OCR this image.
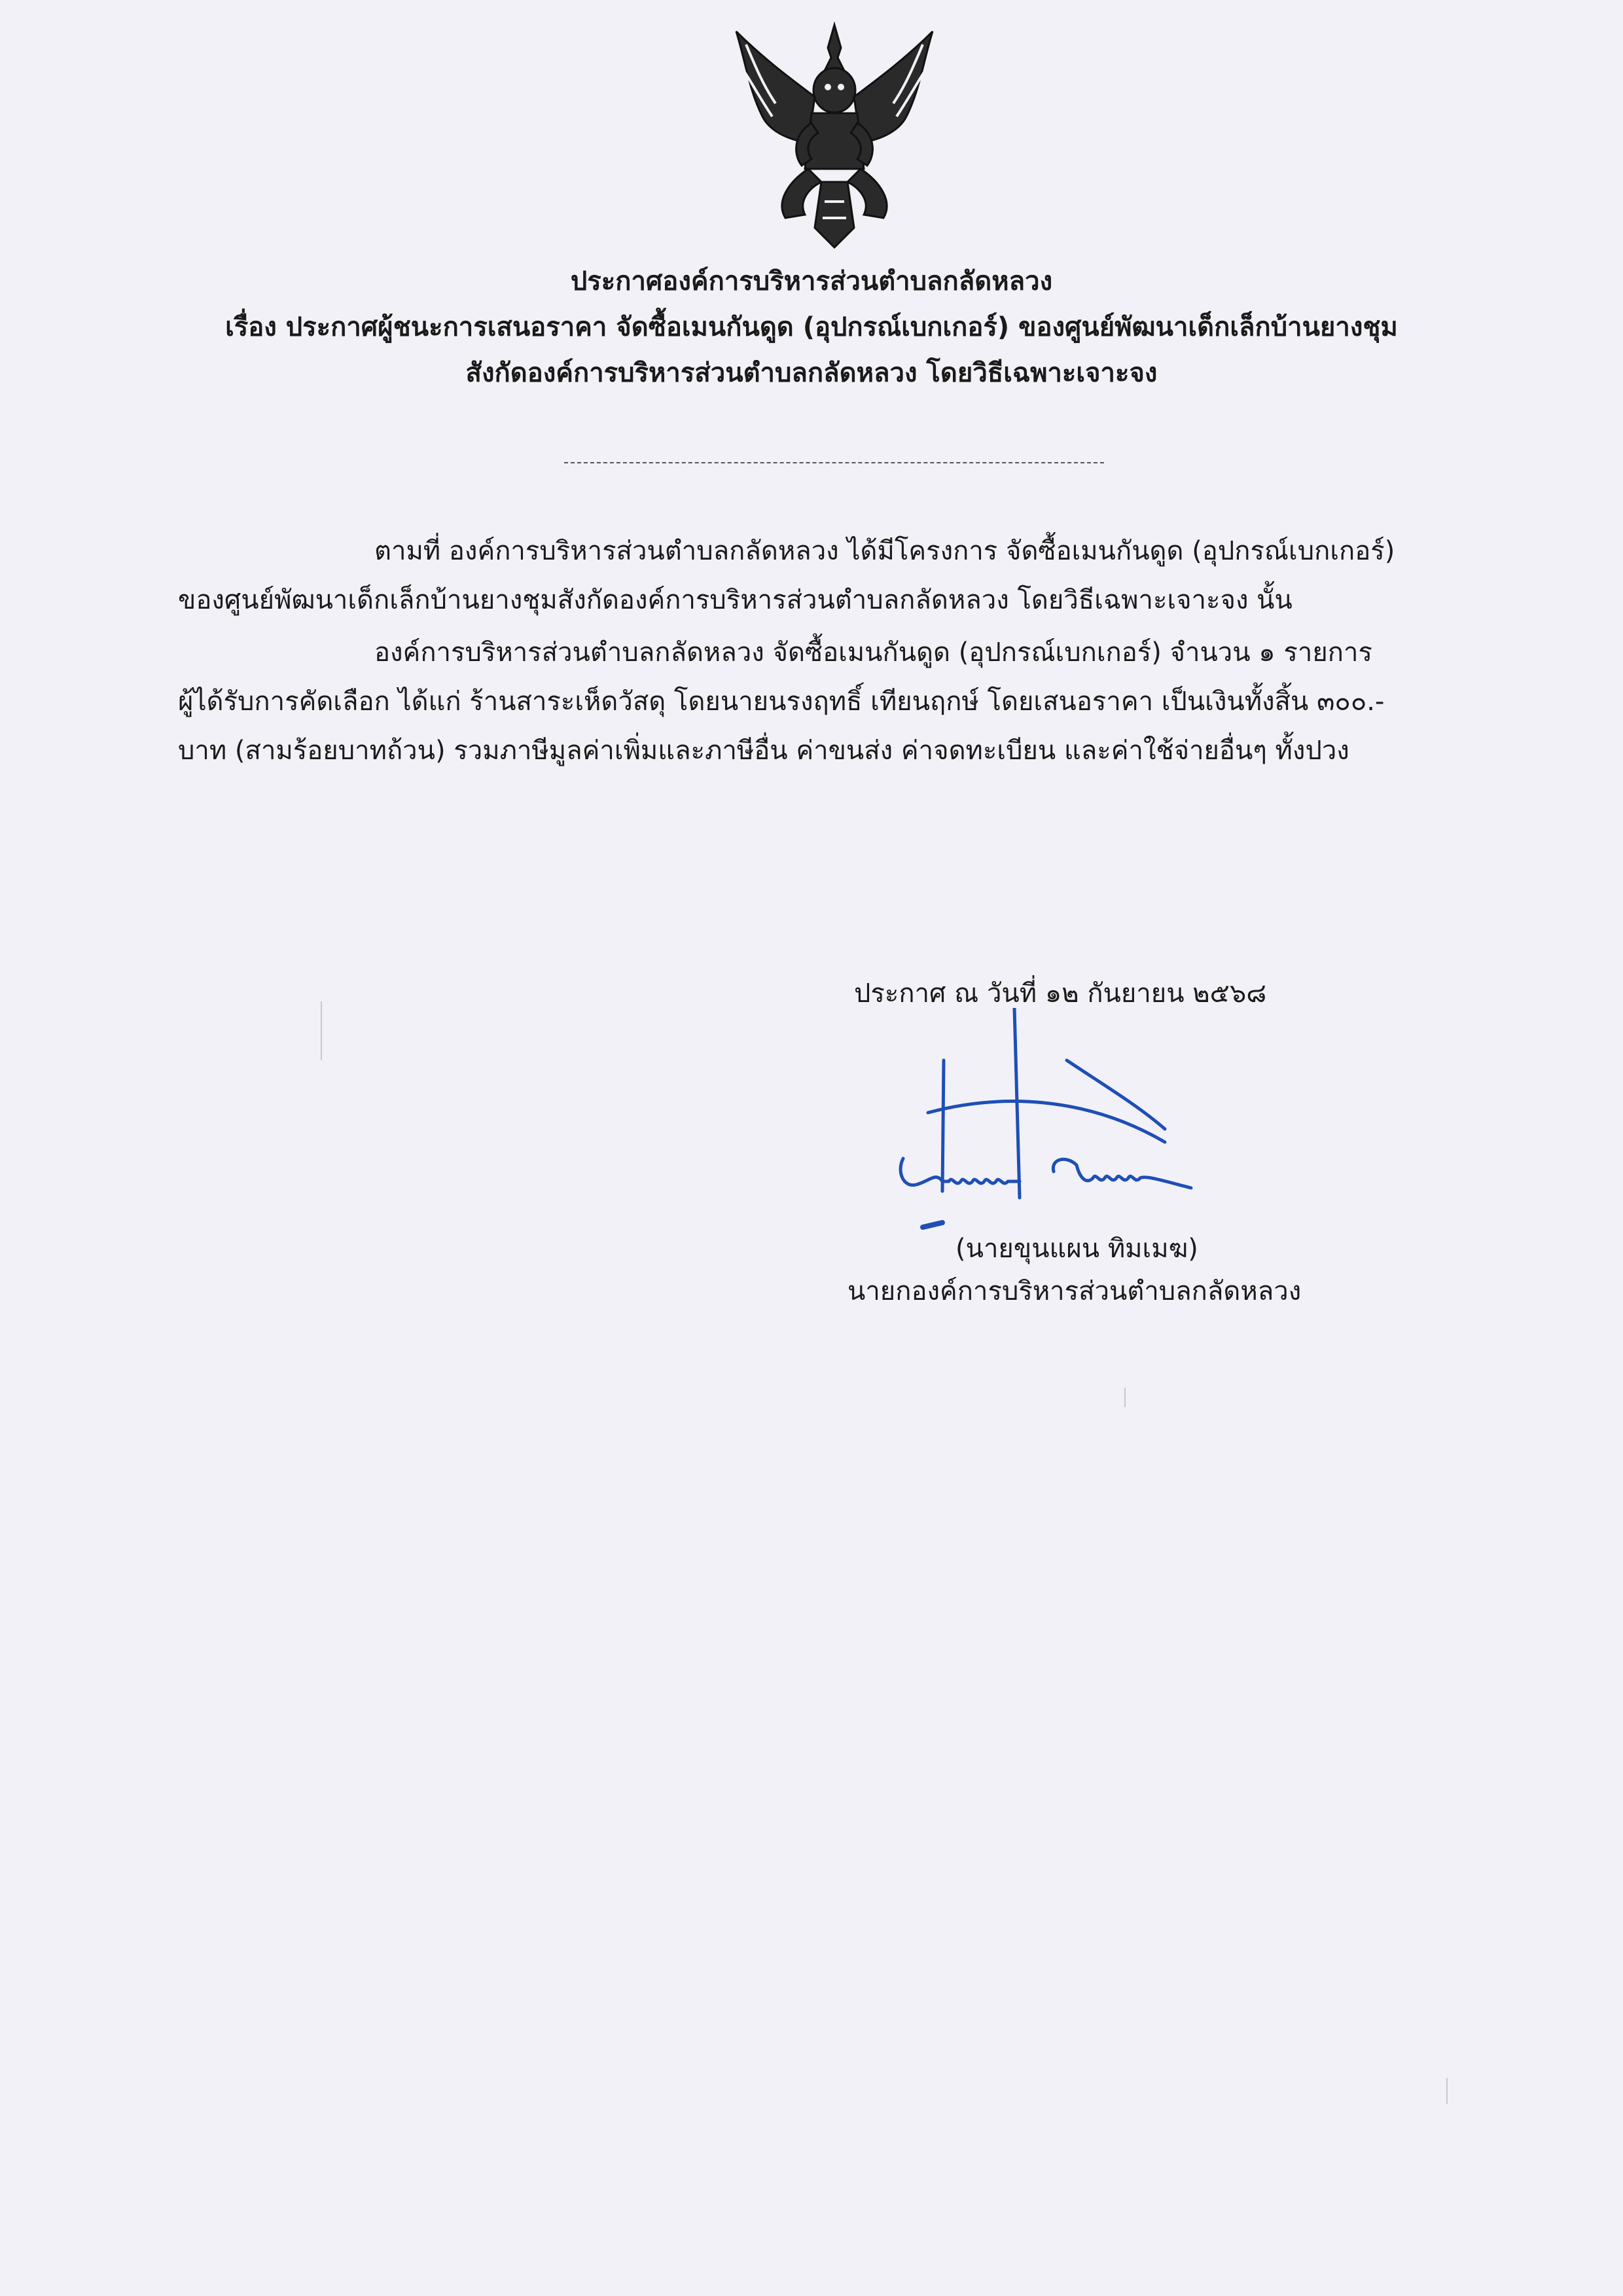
ประกาศองค์การบริหารส่วนตำบลกลัดหลวง
เรื่อง ประกาศผู้ชนะการเสนอราคา จัดซื้อเมนกันดูด (อุปกรณ์เบกเกอร์) ของศูนย์พัฒนาเด็กเล็กบ้านยางชุม
สังกัดองค์การบริหารส่วนตำบลกลัดหลวง โดยวิธีเฉพาะเจาะจง
ตามที่ องค์การบริหารส่วนตำบลกลัดหลวง ได้มีโครงการ จัดซื้อเมนกันดูด (อุปกรณ์เบกเกอร์)
ของศูนย์พัฒนาเด็กเล็กบ้านยางชุมสังกัดองค์การบริหารส่วนตำบลกลัดหลวง โดยวิธีเฉพาะเจาะจง นั้น
องค์การบริหารส่วนตำบลกลัดหลวง จัดซื้อเมนกันดูด (อุปกรณ์เบกเกอร์) จำนวน ๑ รายการ
ผู้ได้รับการคัดเลือก ได้แก่ ร้านสาระเห็ดวัสดุ โดยนายนรงฤทธิ์ เทียนฤกษ์ โดยเสนอราคา เป็นเงินทั้งสิ้น ๓๐๐.-
บาท (สามร้อยบาทถ้วน) รวมภาษีมูลค่าเพิ่มและภาษีอื่น ค่าขนส่ง ค่าจดทะเบียน และค่าใช้จ่ายอื่นๆ ทั้งปวง
ประกาศ ณ วันที่ ๑๒ กันยายน ๒๕๖๘
(นายขุนแผน ทิมเมฆ)
นายกองค์การบริหารส่วนตำบลกลัดหลวง
